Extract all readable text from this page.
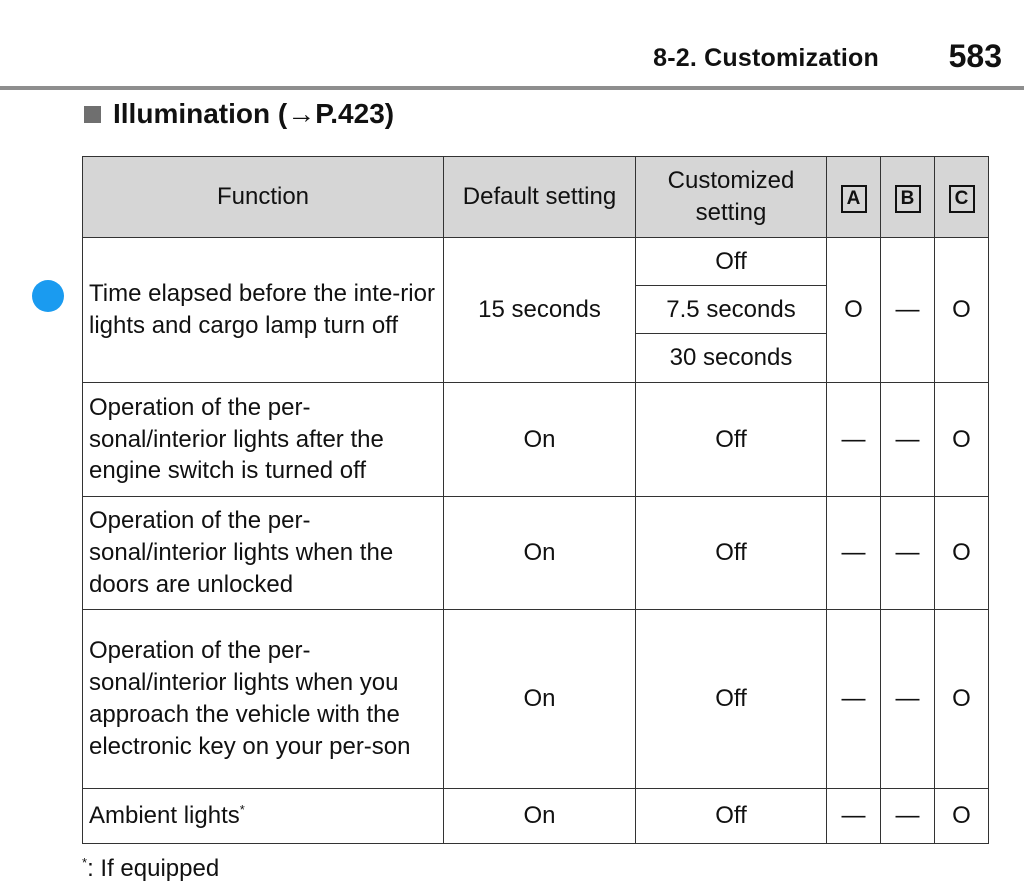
8-2. Customization 583
Illumination (→P.423)
Function	Default setting	Customized setting	A	B	C
Time elapsed before the inte-rior lights and cargo lamp turn off	15 seconds	Off	O	—	O
		7.5 seconds			
		30 seconds			
Operation of the per-sonal/interior lights after the engine switch is turned off	On	Off	—	—	O
Operation of the per-sonal/interior lights when the doors are unlocked	On	Off	—	—	O
Operation of the per-sonal/interior lights when you approach the vehicle with the electronic key on your per-son	On	Off	—	—	O
Ambient lights*	On	Off	—	—	O
*: If equipped
